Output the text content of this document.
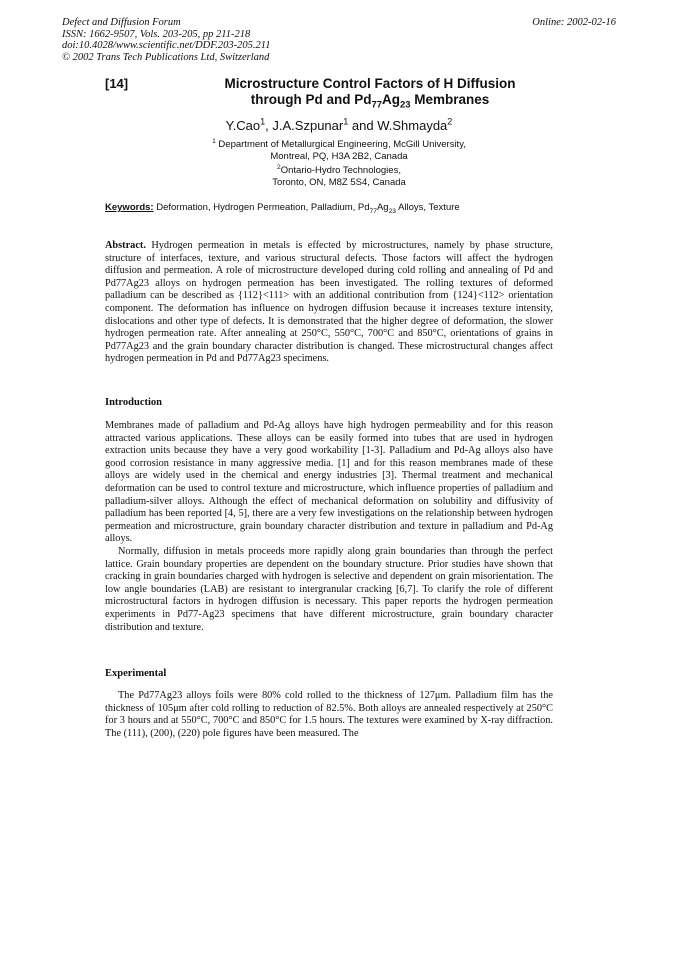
Defect and Diffusion Forum
ISSN: 1662-9507, Vols. 203-205, pp 211-218
doi:10.4028/www.scientific.net/DDF.203-205.211
© 2002 Trans Tech Publications Ltd, Switzerland
Online: 2002-02-16
[14]	Microstructure Control Factors of H Diffusion
through Pd and $Pd_{77}Ag_{23}$ Membranes
Y.Cao$^1$, J.A.Szpunar$^1$ and W.Shmayda$^2$
$^1$ Department of Metallurgical Engineering, McGill University,
Montreal, PQ, H3A 2B2, Canada
$^2$Ontario-Hydro Technologies,
Toronto, ON, M8Z 5S4, Canada
Keywords: Deformation, Hydrogen Permeation, Palladium, $Pd_{77}Ag_{23}$ Alloys, Texture

Abstract. Hydrogen permeation in metals is effected by microstructures, namely by phase structure, structure of interfaces, texture, and various structural defects. Those factors will affect the hydrogen diffusion and permeation. A role of microstructure developed during cold rolling and annealing of Pd and Pd77Ag23 alloys on hydrogen permeation has been investigated. The rolling textures of deformed palladium can be described as {112}<111> with an additional contribution from {124}<112> orientation component. The deformation has influence on hydrogen diffusion because it increases texture intensity, dislocations and other type of defects. It is demonstrated that the higher degree of deformation, the slower hydrogen permeation rate. After annealing at 250°C, 550°C, 700°C and 850°C, orientations of grains in Pd77Ag23 and the grain boundary character distribution is changed. These microstructural changes affect hydrogen permeation in Pd and Pd77Ag23 specimens.

Introduction

Membranes made of palladium and Pd-Ag alloys have high hydrogen permeability and for this reason attracted various applications. These alloys can be easily formed into tubes that are used in hydrogen extraction units because they have a very good workability [1-3]. Palladium and Pd-Ag alloys also have good corrosion resistance in many aggressive media. [1] and for this reason membranes made of these alloys are widely used in the chemical and energy industries [3]. Thermal treatment and mechanical deformation can be used to control texture and microstructure, which influence properties of palladium and palladium-silver alloys. Although the effect of mechanical deformation on solubility and diffusivity of palladium has been reported [4, 5], there are a very few investigations on the relationship between hydrogen permeation and microstructure, grain boundary character distribution and texture in palladium and Pd-Ag alloys.

Normally, diffusion in metals proceeds more rapidly along grain boundaries than through the perfect lattice. Grain boundary properties are dependent on the boundary structure. Prior studies have shown that cracking in grain boundaries charged with hydrogen is selective and dependent on grain misorientation. The low angle boundaries (LAB) are resistant to intergranular cracking [6,7]. To clarify the role of different microstructural factors in hydrogen diffusion is necessary. This paper reports the hydrogen permeation experiments in Pd77-Ag23 specimens that have different microstructure, grain boundary character distribution and texture.

Experimental

The Pd77Ag23 alloys foils were 80% cold rolled to the thickness of 127μm. Palladium film has the thickness of 105μm after cold rolling to reduction of 82.5%. Both alloys are annealed respectively at 250°C for 3 hours and at 550°C, 700°C and 850°C for 1.5 hours. The textures were examined by X-ray diffraction. The (111), (200), (220) pole figures have been measured. The
